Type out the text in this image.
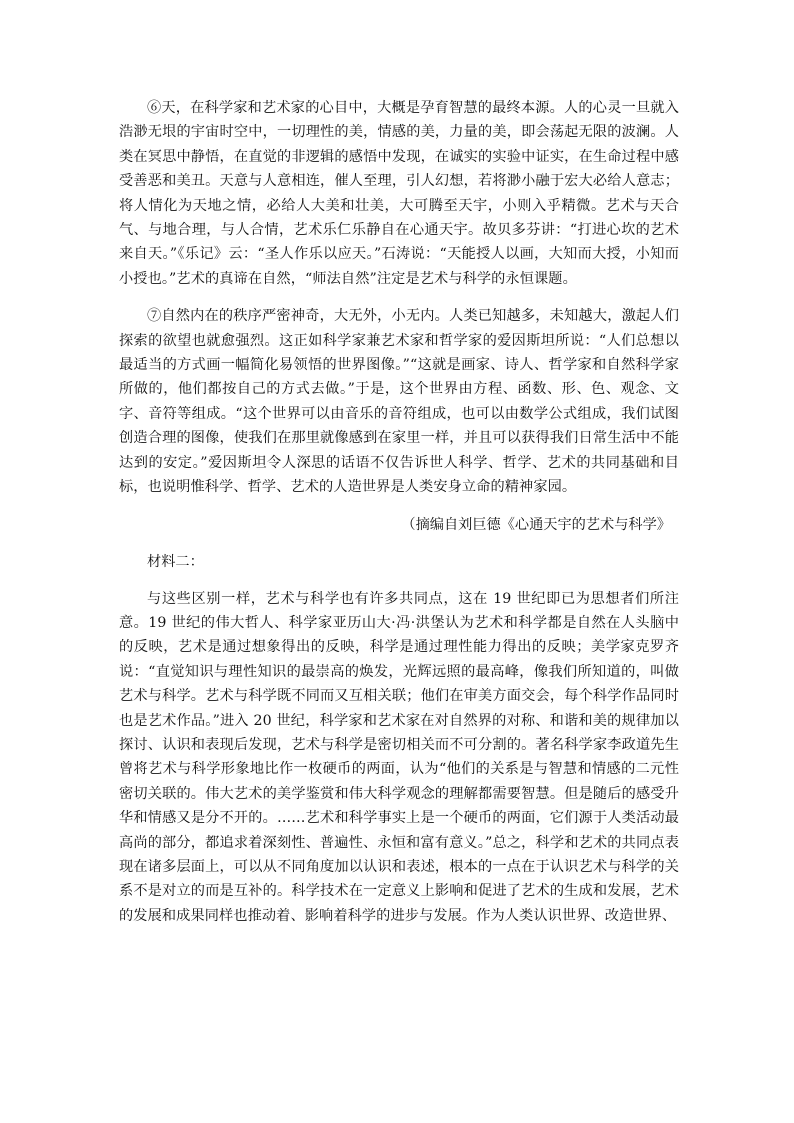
⑥天，在科学家和艺术家的心目中，大概是孕育智慧的最终本源。人的心灵一旦就入浩渺无垠的宇宙时空中，一切理性的美，情感的美，力量的美，即会荡起无限的波澜。人类在冥思中静悟，在直觉的非逻辑的感悟中发现，在诚实的实验中证实，在生命过程中感受善恶和美丑。天意与人意相连，催人至理，引人幻想，若将渺小融于宏大必给人意志；将人情化为天地之情，必给人大美和壮美，大可腾至天宇，小则入乎精微。艺术与天合气、与地合理，与人合情，艺术乐仁乐静自在心通天宇。故贝多芬讲：“打进心坎的艺术来自天。”《乐记》云：“圣人作乐以应天。”石涛说：“天能授人以画，大知而大授，小知而小授也。”艺术的真谛在自然，“师法自然”注定是艺术与科学的永恒课题。

⑦自然内在的秩序严密神奇，大无外，小无内。人类已知越多，未知越大，激起人们探索的欲望也就愈强烈。这正如科学家兼艺术家和哲学家的爱因斯坦所说：“人们总想以最适当的方式画一幅简化易领悟的世界图像。”“这就是画家、诗人、哲学家和自然科学家所做的，他们都按自己的方式去做。”于是，这个世界由方程、函数、形、色、观念、文字、音符等组成。“这个世界可以由音乐的音符组成，也可以由数学公式组成，我们试图创造合理的图像，使我们在那里就像感到在家里一样，并且可以获得我们日常生活中不能达到的安定。”爱因斯坦令人深思的话语不仅告诉世人科学、哲学、艺术的共同基础和目标，也说明惟科学、哲学、艺术的人造世界是人类安身立命的精神家园。

（摘编自刘巨德《心通天宇的艺术与科学》

材料二：

与这些区别一样，艺术与科学也有许多共同点，这在 19 世纪即已为思想者们所注意。19 世纪的伟大哲人、科学家亚历山大·冯·洪堡认为艺术和科学都是自然在人头脑中的反映，艺术是通过想象得出的反映，科学是通过理性能力得出的反映；美学家克罗齐说：“直觉知识与理性知识的最崇高的焕发，光辉远照的最高峰，像我们所知道的，叫做艺术与科学。艺术与科学既不同而又互相关联；他们在审美方面交会，每个科学作品同时也是艺术作品。”进入 20 世纪，科学家和艺术家在对自然界的对称、和谐和美的规律加以探讨、认识和表现后发现，艺术与科学是密切相关而不可分割的。著名科学家李政道先生曾将艺术与科学形象地比作一枚硬币的两面，认为“他们的关系是与智慧和情感的二元性密切关联的。伟大艺术的美学鉴赏和伟大科学观念的理解都需要智慧。但是随后的感受升华和情感又是分不开的。……艺术和科学事实上是一个硬币的两面，它们源于人类活动最高尚的部分，都追求着深刻性、普遍性、永恒和富有意义。”总之，科学和艺术的共同点表现在诸多层面上，可以从不同角度加以认识和表述，根本的一点在于认识艺术与科学的关系不是对立的而是互补的。科学技术在一定意义上影响和促进了艺术的生成和发展，艺术的发展和成果同样也推动着、影响着科学的进步与发展。作为人类认识世界、改造世界、
